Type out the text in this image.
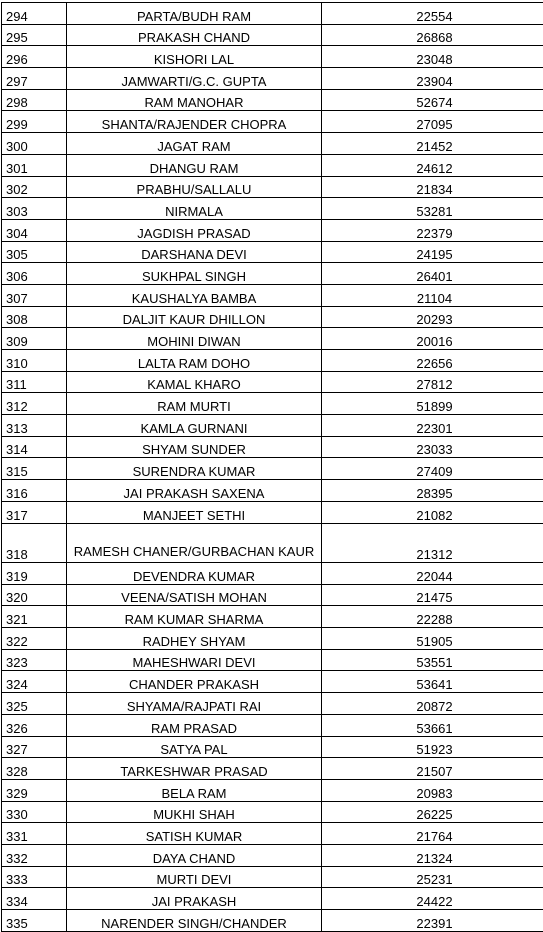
294	PARTA/BUDH RAM	22554
295	PRAKASH CHAND	26868
296	KISHORI LAL	23048
297	JAMWARTI/G.C. GUPTA	23904
298	RAM MANOHAR	52674
299	SHANTA/RAJENDER CHOPRA	27095
300	JAGAT RAM	21452
301	DHANGU RAM	24612
302	PRABHU/SALLALU	21834
303	NIRMALA	53281
304	JAGDISH PRASAD	22379
305	DARSHANA DEVI	24195
306	SUKHPAL SINGH	26401
307	KAUSHALYA BAMBA	21104
308	DALJIT KAUR DHILLON	20293
309	MOHINI DIWAN	20016
310	LALTA RAM DOHO	22656
311	KAMAL KHARO	27812
312	RAM MURTI	51899
313	KAMLA GURNANI	22301
314	SHYAM SUNDER	23033
315	SURENDRA KUMAR	27409
316	JAI PRAKASH SAXENA	28395
317	MANJEET SETHI	21082
318	RAMESH CHANER/GURBACHAN KAUR	21312
319	DEVENDRA KUMAR	22044
320	VEENA/SATISH MOHAN	21475
321	RAM KUMAR SHARMA	22288
322	RADHEY SHYAM	51905
323	MAHESHWARI DEVI	53551
324	CHANDER PRAKASH	53641
325	SHYAMA/RAJPATI RAI	20872
326	RAM PRASAD	53661
327	SATYA PAL	51923
328	TARKESHWAR PRASAD	21507
329	BELA RAM	20983
330	MUKHI SHAH	26225
331	SATISH KUMAR	21764
332	DAYA CHAND	21324
333	MURTI DEVI	25231
334	JAI PRAKASH	24422
335	NARENDER SINGH/CHANDER	22391
